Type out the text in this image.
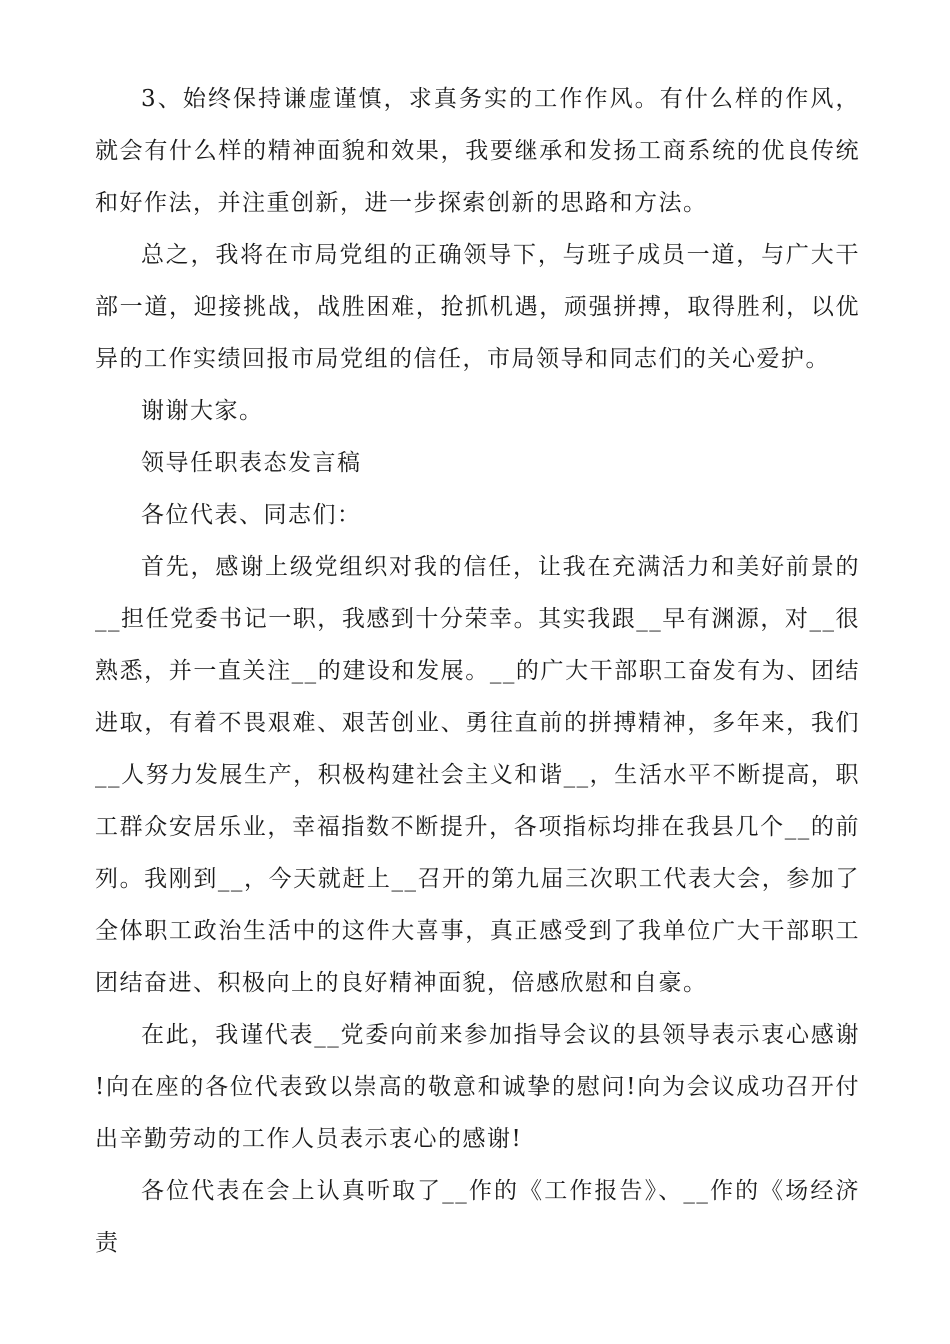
3、始终保持谦虚谨慎，求真务实的工作作风。有什么样的作风，就会有什么样的精神面貌和效果，我要继承和发扬工商系统的优良传统和好作法，并注重创新，进一步探索创新的思路和方法。

总之，我将在市局党组的正确领导下，与班子成员一道，与广大干部一道，迎接挑战，战胜困难，抢抓机遇，顽强拼搏，取得胜利，以优异的工作实绩回报市局党组的信任，市局领导和同志们的关心爱护。

谢谢大家。

领导任职表态发言稿

各位代表、同志们：

首先，感谢上级党组织对我的信任，让我在充满活力和美好前景的__担任党委书记一职，我感到十分荣幸。其实我跟__早有渊源，对__很熟悉，并一直关注__的建设和发展。__的广大干部职工奋发有为、团结进取，有着不畏艰难、艰苦创业、勇往直前的拼搏精神，多年来，我们__人努力发展生产，积极构建社会主义和谐__，生活水平不断提高，职工群众安居乐业，幸福指数不断提升，各项指标均排在我县几个__的前列。我刚到__，今天就赶上__召开的第九届三次职工代表大会，参加了全体职工政治生活中的这件大喜事，真正感受到了我单位广大干部职工团结奋进、积极向上的良好精神面貌，倍感欣慰和自豪。

在此，我谨代表__党委向前来参加指导会议的县领导表示衷心感谢!向在座的各位代表致以崇高的敬意和诚挚的慰问!向为会议成功召开付出辛勤劳动的工作人员表示衷心的感谢!

各位代表在会上认真听取了__作的《工作报告》、__作的《场经济责
